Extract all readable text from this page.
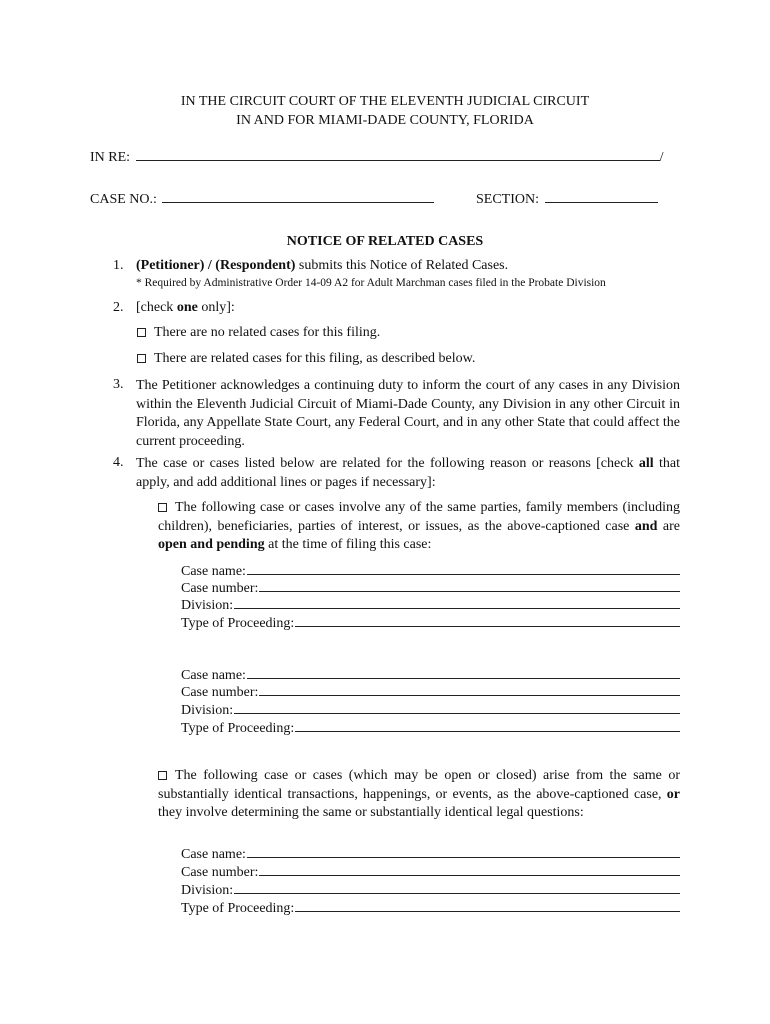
IN THE CIRCUIT COURT OF THE ELEVENTH JUDICIAL CIRCUIT
IN AND FOR MIAMI-DADE COUNTY, FLORIDA
IN RE:	/
CASE NO.:	SECTION:
NOTICE OF RELATED CASES
1. (Petitioner) / (Respondent) submits this Notice of Related Cases.
* Required by Administrative Order 14-09 A2 for Adult Marchman cases filed in the Probate Division
2. [check one only]:
There are no related cases for this filing.
There are related cases for this filing, as described below.
3. The Petitioner acknowledges a continuing duty to inform the court of any cases in any Division within the Eleventh Judicial Circuit of Miami-Dade County, any Division in any other Circuit in Florida, any Appellate State Court, any Federal Court, and in any other State that could affect the current proceeding.
4. The case or cases listed below are related for the following reason or reasons [check all that apply, and add additional lines or pages if necessary]:
The following case or cases involve any of the same parties, family members (including children), beneficiaries, parties of interest, or issues, as the above-captioned case and are open and pending at the time of filing this case:
Case name:
Case number:
Division:
Type of Proceeding:
Case name:
Case number:
Division:
Type of Proceeding:
The following case or cases (which may be open or closed) arise from the same or substantially identical transactions, happenings, or events, as the above-captioned case, or they involve determining the same or substantially identical legal questions:
Case name:
Case number:
Division:
Type of Proceeding:
